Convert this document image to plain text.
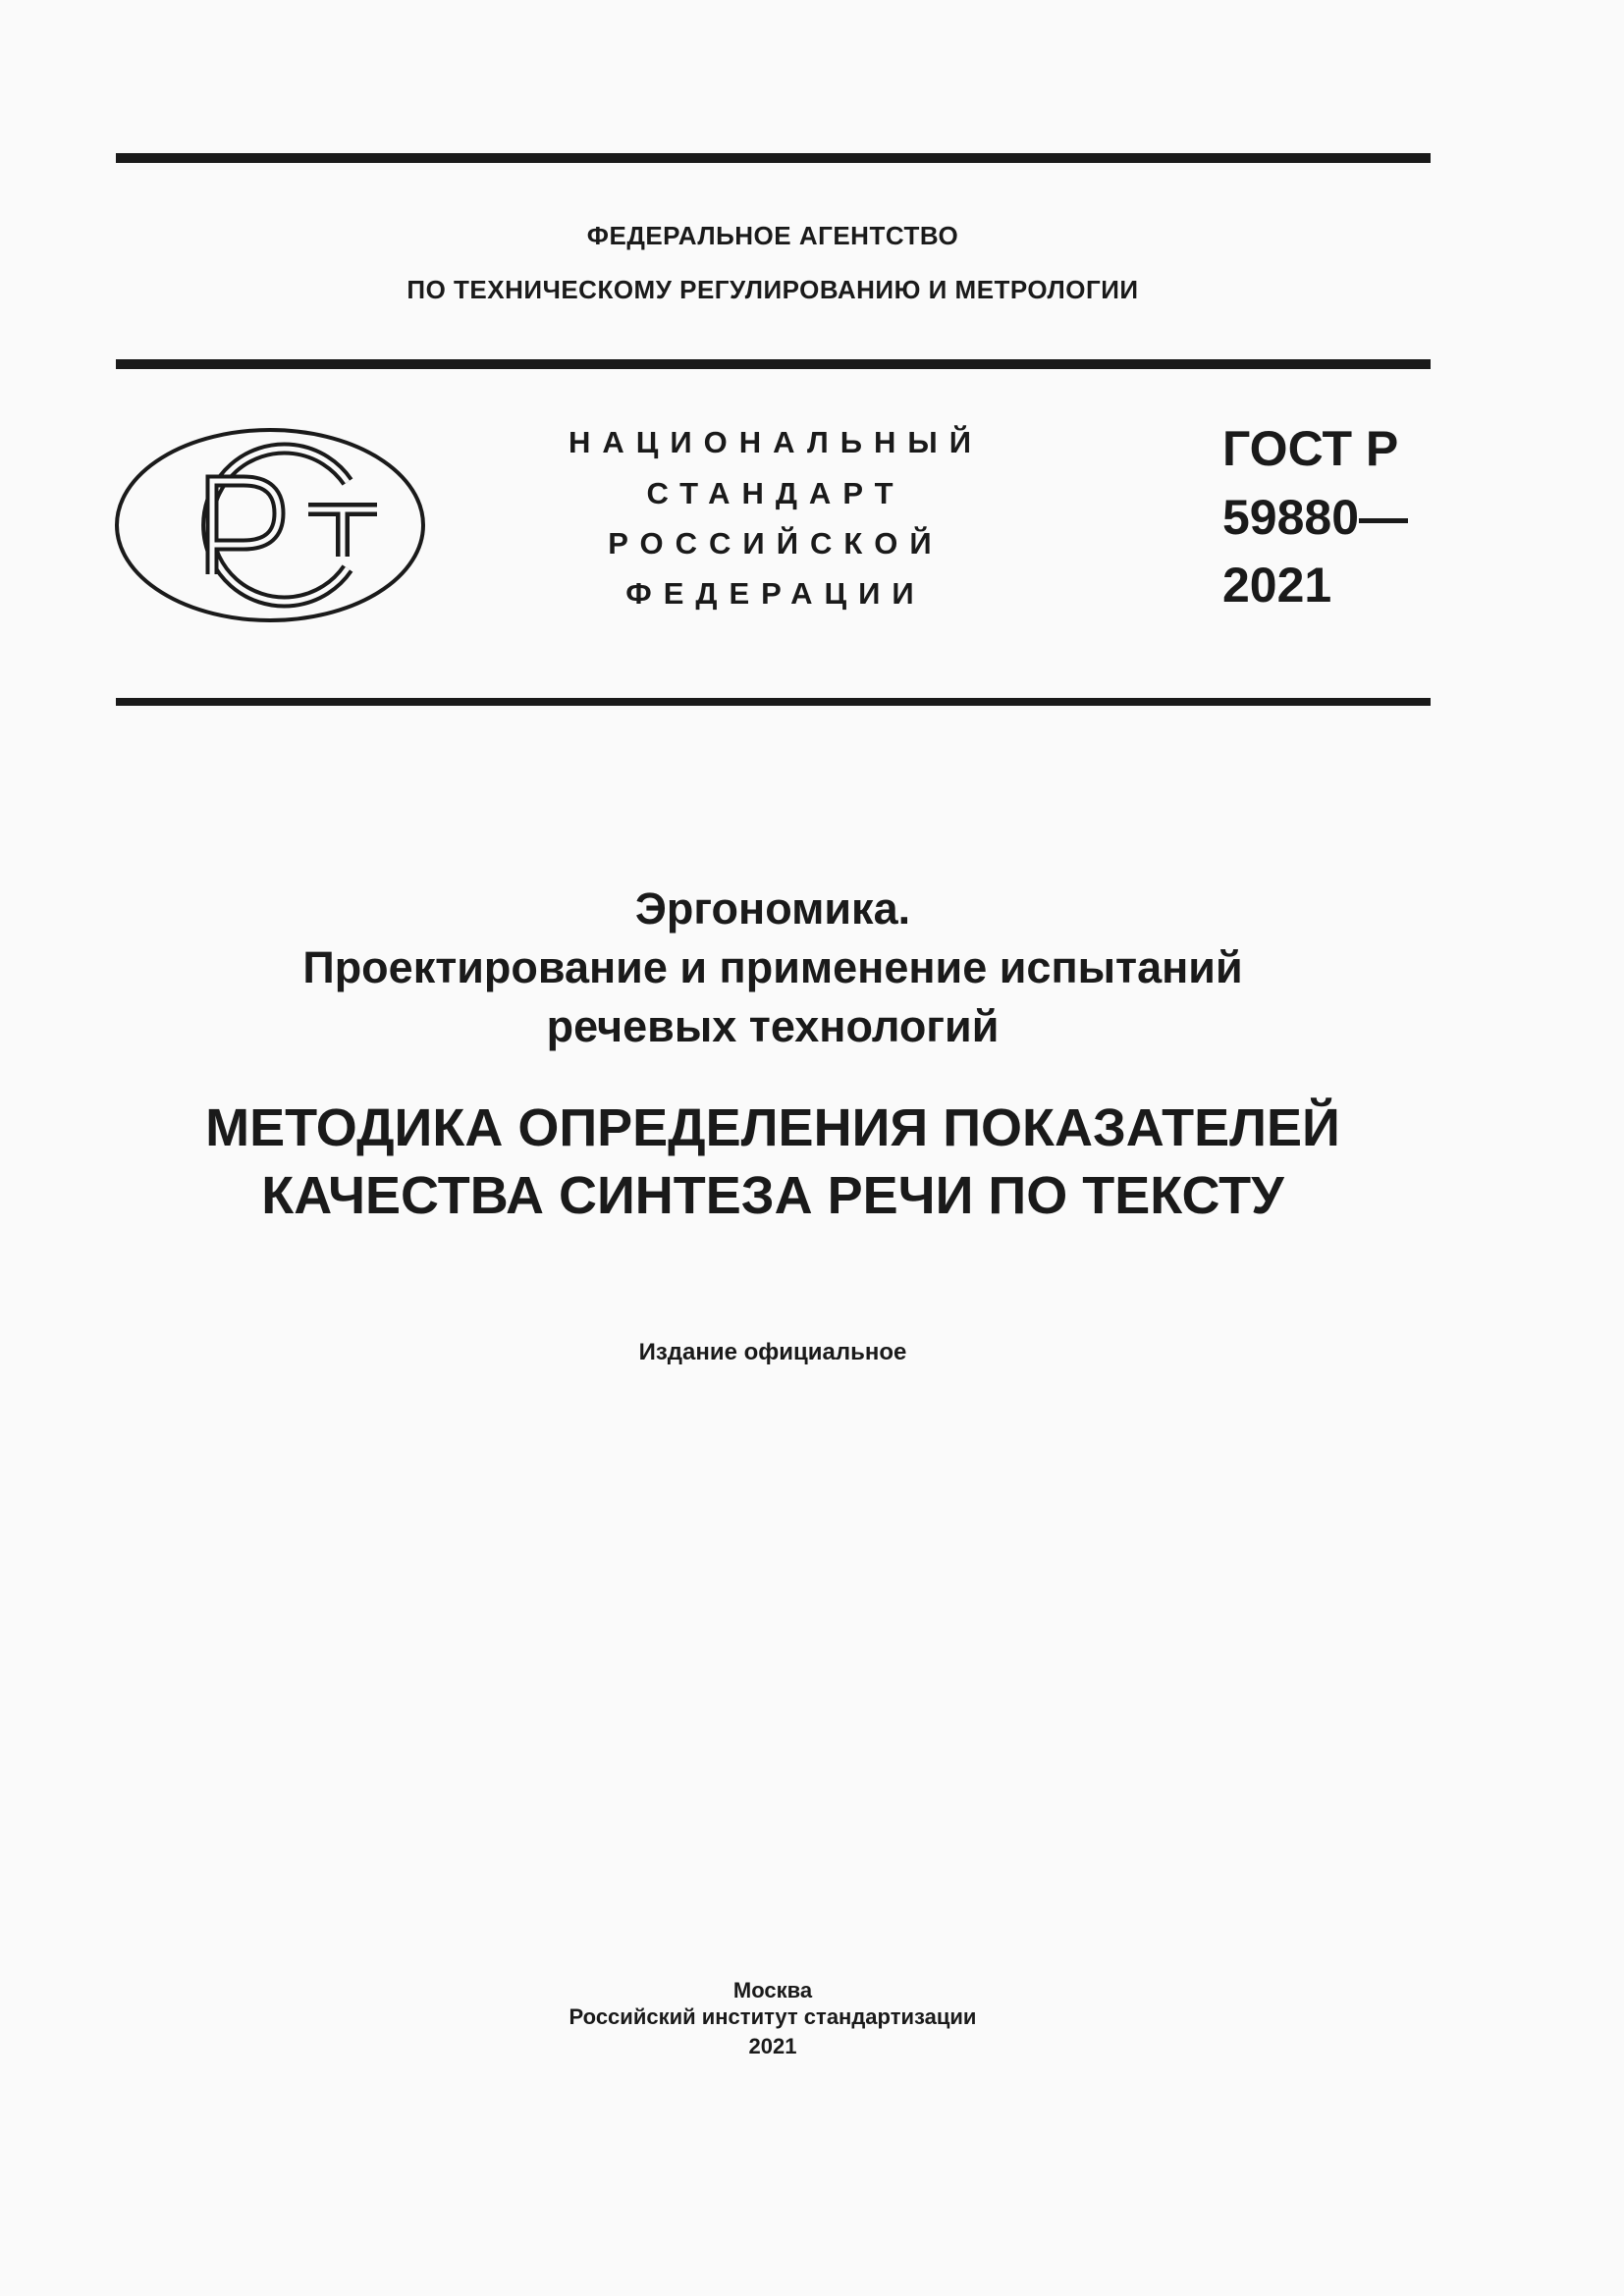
ФЕДЕРАЛЬНОЕ АГЕНТСТВО
ПО ТЕХНИЧЕСКОМУ РЕГУЛИРОВАНИЮ И МЕТРОЛОГИИ
НАЦИОНАЛЬНЫЙ
СТАНДАРТ
РОССИЙСКОЙ
ФЕДЕРАЦИИ
ГОСТ Р
59880—
2021
Эргономика.
Проектирование и применение испытаний
речевых технологий
МЕТОДИКА ОПРЕДЕЛЕНИЯ ПОКАЗАТЕЛЕЙ
КАЧЕСТВА СИНТЕЗА РЕЧИ ПО ТЕКСТУ
Издание официальное
Москва
Российский институт стандартизации
2021
